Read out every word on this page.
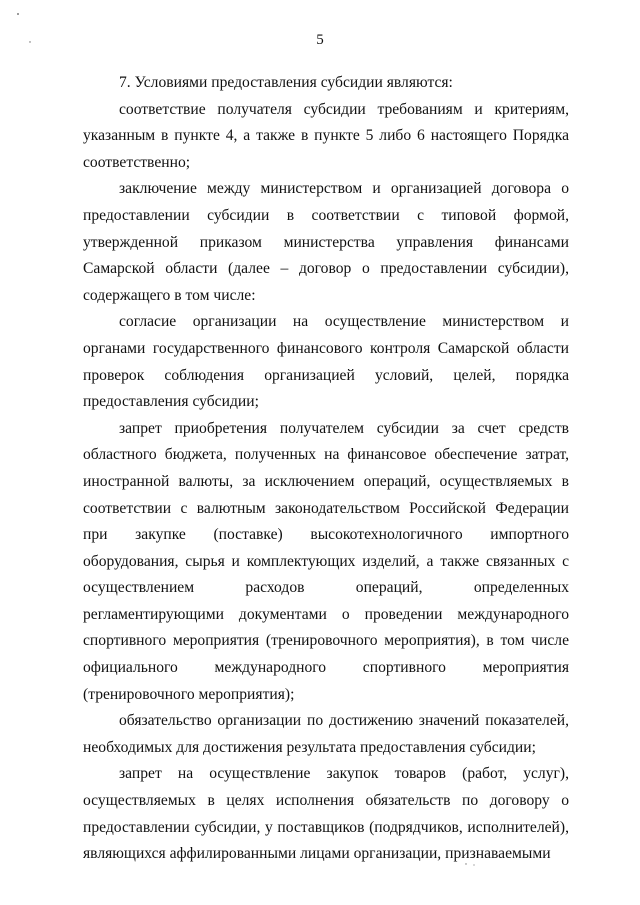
5

7. Условиями предоставления субсидии являются:

соответствие получателя субсидии требованиям и критериям, указанным в пункте 4, а также в пункте 5 либо 6 настоящего Порядка соответственно;

заключение между министерством и организацией договора о предоставлении субсидии в соответствии с типовой формой, утвержденной приказом министерства управления финансами Самарской области (далее – договор о предоставлении субсидии), содержащего в том числе:

согласие организации на осуществление министерством и органами государственного финансового контроля Самарской области проверок соблюдения организацией условий, целей, порядка предоставления субсидии;

запрет приобретения получателем субсидии за счет средств областного бюджета, полученных на финансовое обеспечение затрат, иностранной валюты, за исключением операций, осуществляемых в соответствии с валютным законодательством Российской Федерации при закупке (поставке) высокотехнологичного импортного оборудования, сырья и комплектующих изделий, а также связанных с осуществлением расходов операций, определенных регламентирующими документами о проведении международного спортивного мероприятия (тренировочного мероприятия), в том числе официального международного спортивного мероприятия (тренировочного мероприятия);

обязательство организации по достижению значений показателей, необходимых для достижения результата предоставления субсидии;

запрет на осуществление закупок товаров (работ, услуг), осуществляемых в целях исполнения обязательств по договору о предоставлении субсидии, у поставщиков (подрядчиков, исполнителей), являющихся аффилированными лицами организации, признаваемыми
